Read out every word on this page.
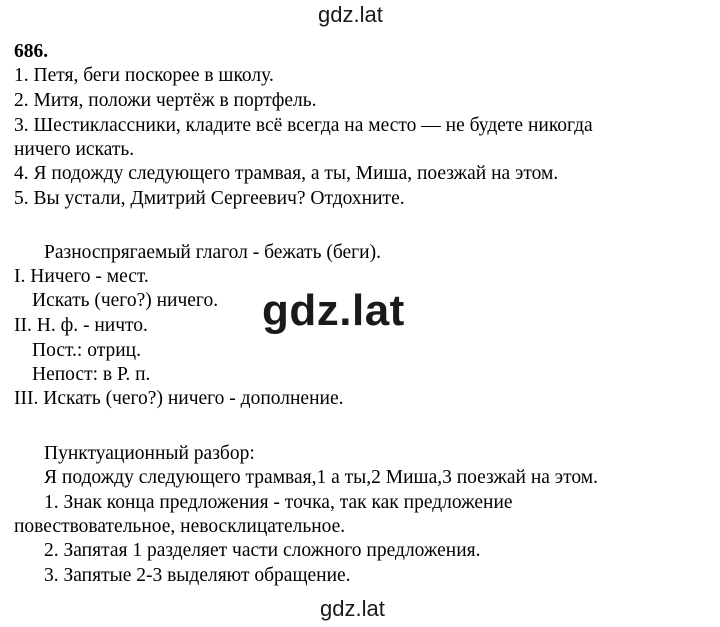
gdz.lat
686.
1. Петя, беги поскорее в школу.
2. Митя, положи чертёж в портфель.
3. Шестиклассники, кладите всё всегда на место — не будете никогда
ничего искать.
4. Я подожду следующего трамвая, а ты, Миша, поезжай на этом.
5. Вы устали, Дмитрий Сергеевич? Отдохните.
Разноспрягаемый глагол - бежать (беги).
I. Ничего - мест.
Искать (чего?) ничего.
II. Н. ф. - ничто.
Пост.: отриц.
Непост: в Р. п.
III. Искать (чего?) ничего - дополнение.
gdz.lat
Пунктуационный разбор:
Я подожду следующего трамвая,1 а ты,2 Миша,3 поезжай на этом.
1. Знак конца предложения - точка, так как предложение
повествовательное, невосклицательное.
2. Запятая 1 разделяет части сложного предложения.
3. Запятые 2-3 выделяют обращение.
gdz.lat
